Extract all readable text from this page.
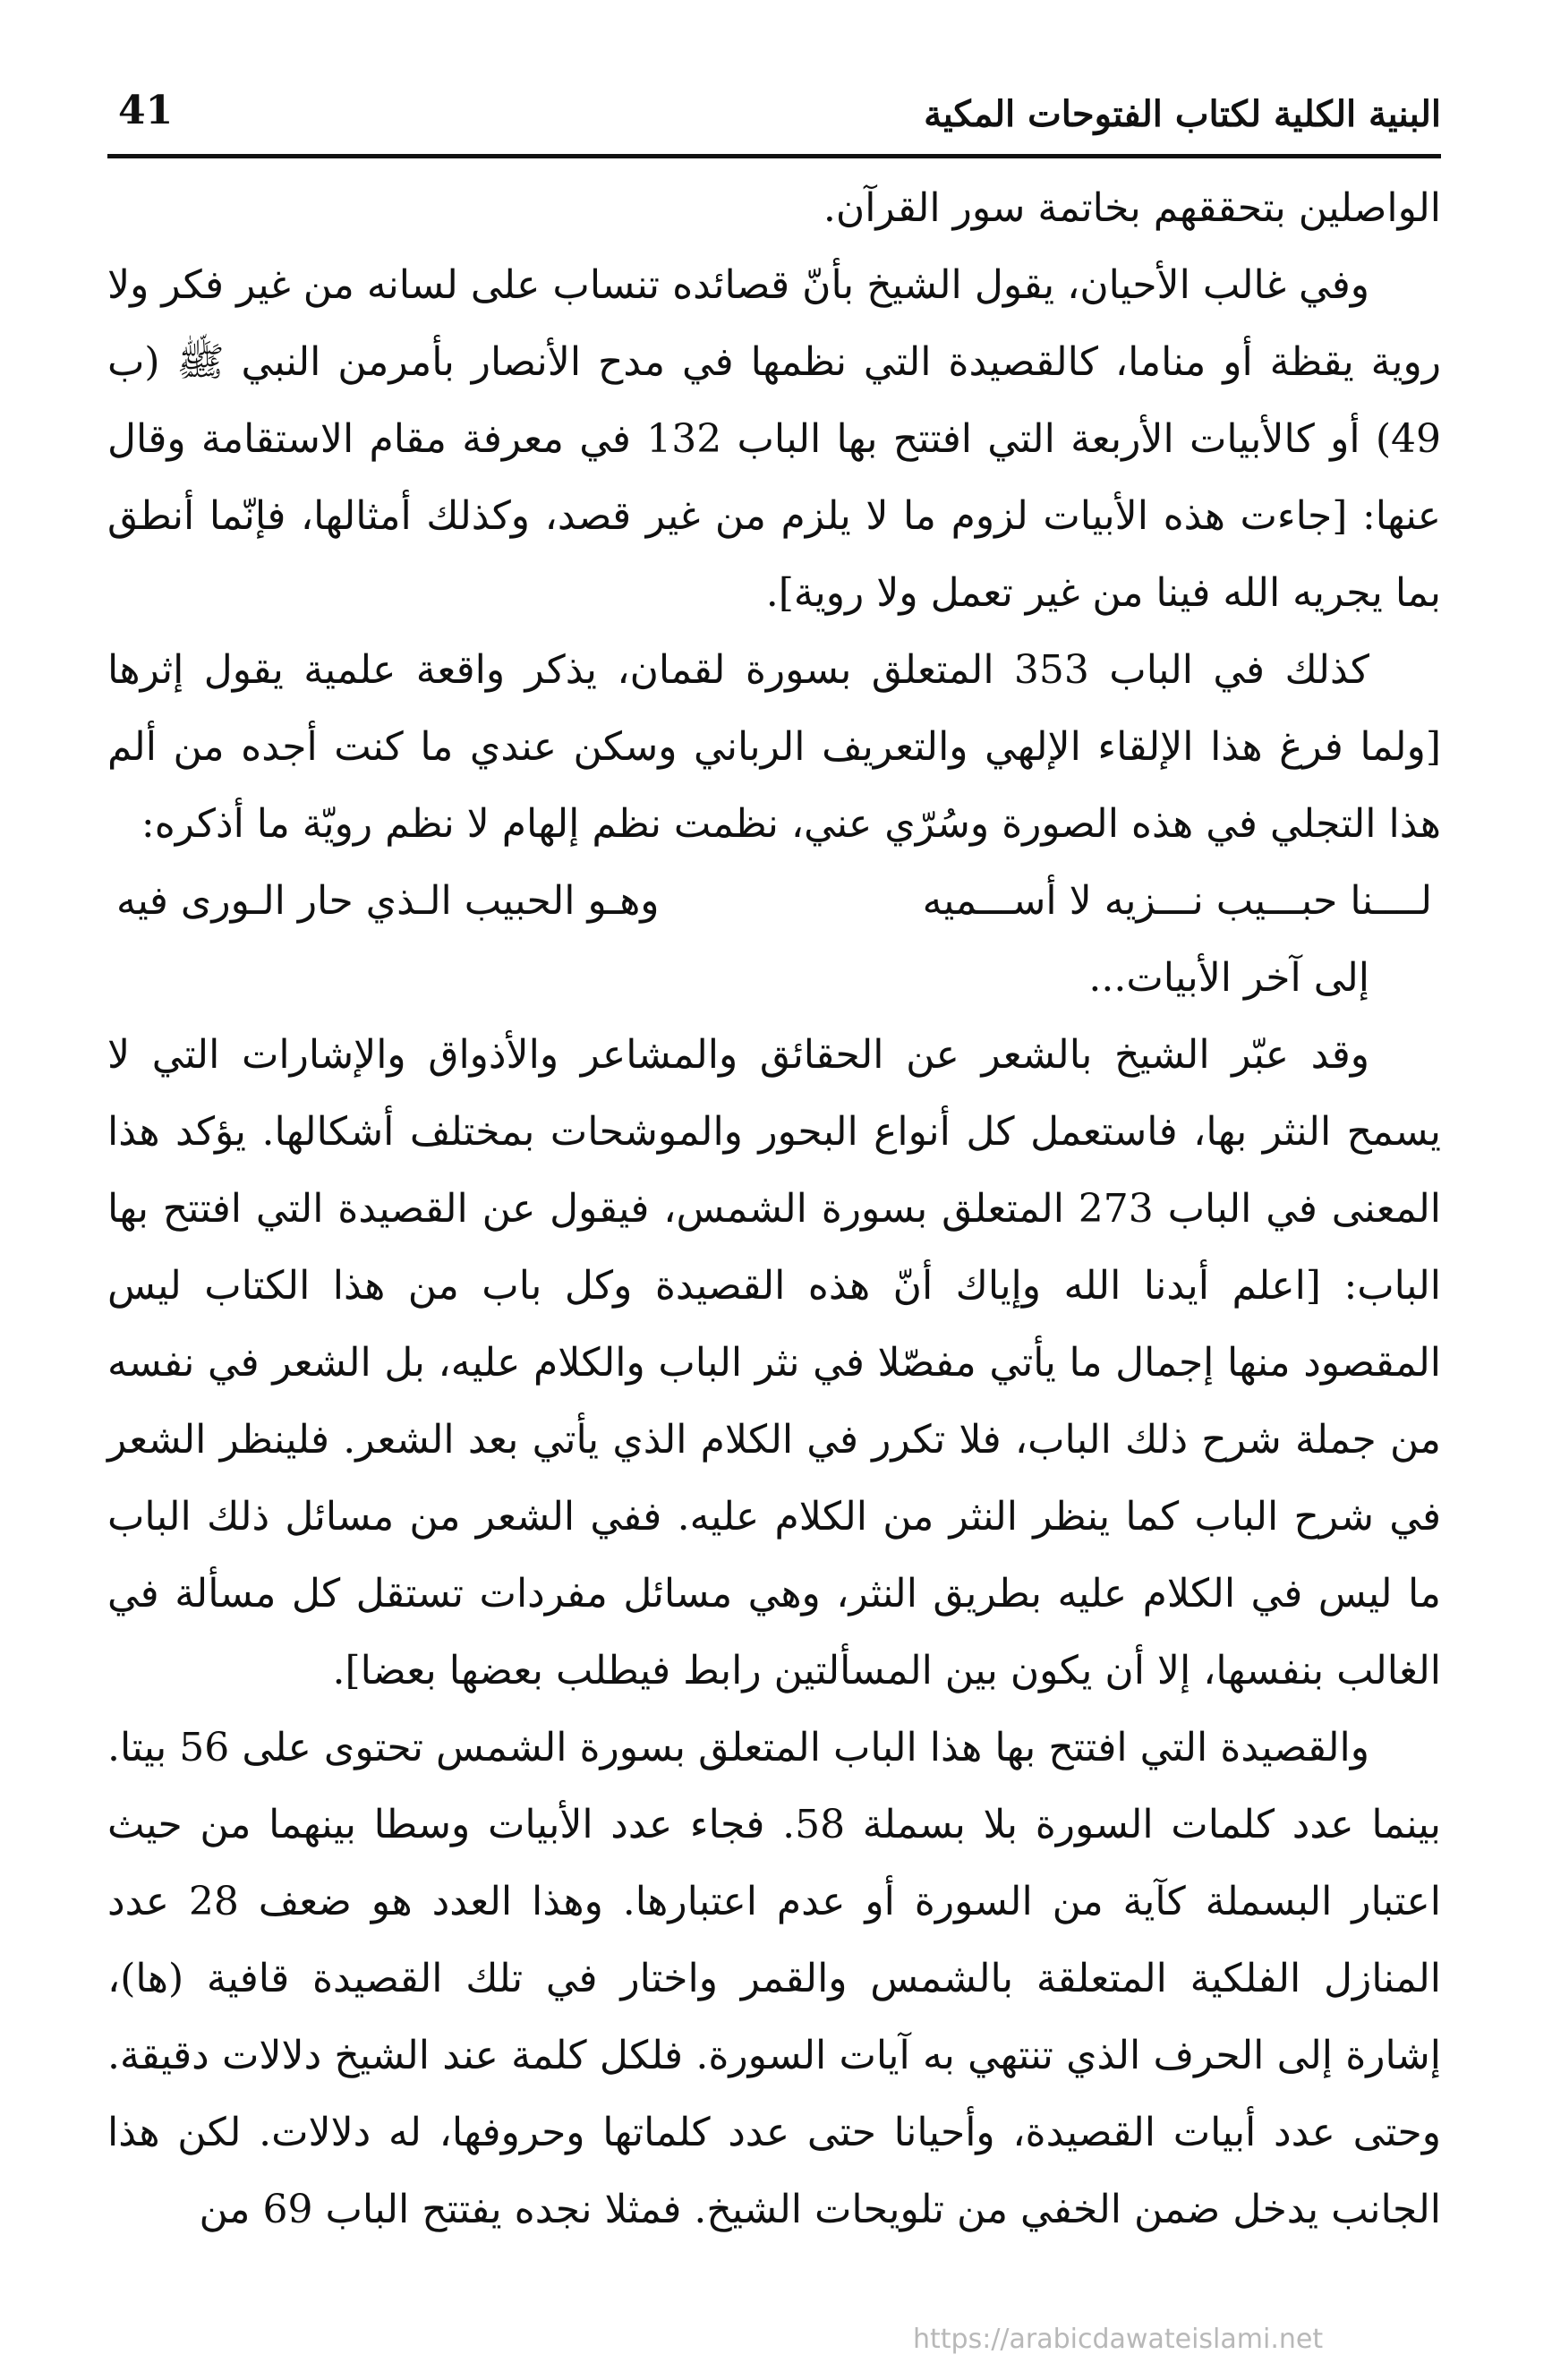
البنية الكلية لكتاب الفتوحات المكية
41

الواصلين بتحققهم بخاتمة سور القرآن.

وفي غالب الأحيان، يقول الشيخ بأنّ قصائده تنساب على لسانه من غير فكر ولا روية يقظة أو مناما، كالقصيدة التي نظمها في مدح الأنصار بأمرمن النبي ﷺ (ب 49) أو كالأبيات الأربعة التي افتتح بها الباب 132 في معرفة مقام الاستقامة وقال عنها: [جاءت هذه الأبيات لزوم ما لا يلزم من غير قصد، وكذلك أمثالها، فإنّما أنطق بما يجريه الله فينا من غير تعمل ولا روية].

كذلك في الباب 353 المتعلق بسورة لقمان، يذكر واقعة علمية يقول إثرها [ولما فرغ هذا الإلقاء الإلهي والتعريف الرباني وسكن عندي ما كنت أجده من ألم هذا التجلي في هذه الصورة وسُرّي عني، نظمت نظم إلهام لا نظم رويّة ما أذكره:

لــــنا حبـــيب نـــزيه لا أســـميه
وهـو الحبيب الـذي حار الـورى فيه

إلى آخر الأبيات...

وقد عبّر الشيخ بالشعر عن الحقائق والمشاعر والأذواق والإشارات التي لا يسمح النثر بها، فاستعمل كل أنواع البحور والموشحات بمختلف أشكالها. يؤكد هذا المعنى في الباب 273 المتعلق بسورة الشمس، فيقول عن القصيدة التي افتتح بها الباب: [اعلم أيدنا الله وإياك أنّ هذه القصيدة وكل باب من هذا الكتاب ليس المقصود منها إجمال ما يأتي مفصّلا في نثر الباب والكلام عليه، بل الشعر في نفسه من جملة شرح ذلك الباب، فلا تكرر في الكلام الذي يأتي بعد الشعر. فلينظر الشعر في شرح الباب كما ينظر النثر من الكلام عليه. ففي الشعر من مسائل ذلك الباب ما ليس في الكلام عليه بطريق النثر، وهي مسائل مفردات تستقل كل مسألة في الغالب بنفسها، إلا أن يكون بين المسألتين رابط فيطلب بعضها بعضا].

والقصيدة التي افتتح بها هذا الباب المتعلق بسورة الشمس تحتوى على 56 بيتا. بينما عدد كلمات السورة بلا بسملة 58. فجاء عدد الأبيات وسطا بينهما من حيث اعتبار البسملة كآية من السورة أو عدم اعتبارها. وهذا العدد هو ضعف 28 عدد المنازل الفلكية المتعلقة بالشمس والقمر واختار في تلك القصيدة قافية (ها)، إشارة إلى الحرف الذي تنتهي به آيات السورة. فلكل كلمة عند الشيخ دلالات دقيقة. وحتى عدد أبيات القصيدة، وأحيانا حتى عدد كلماتها وحروفها، له دلالات. لكن هذا الجانب يدخل ضمن الخفي من تلويحات الشيخ. فمثلا نجده يفتتح الباب 69 من

https://arabicdawateislami.net
